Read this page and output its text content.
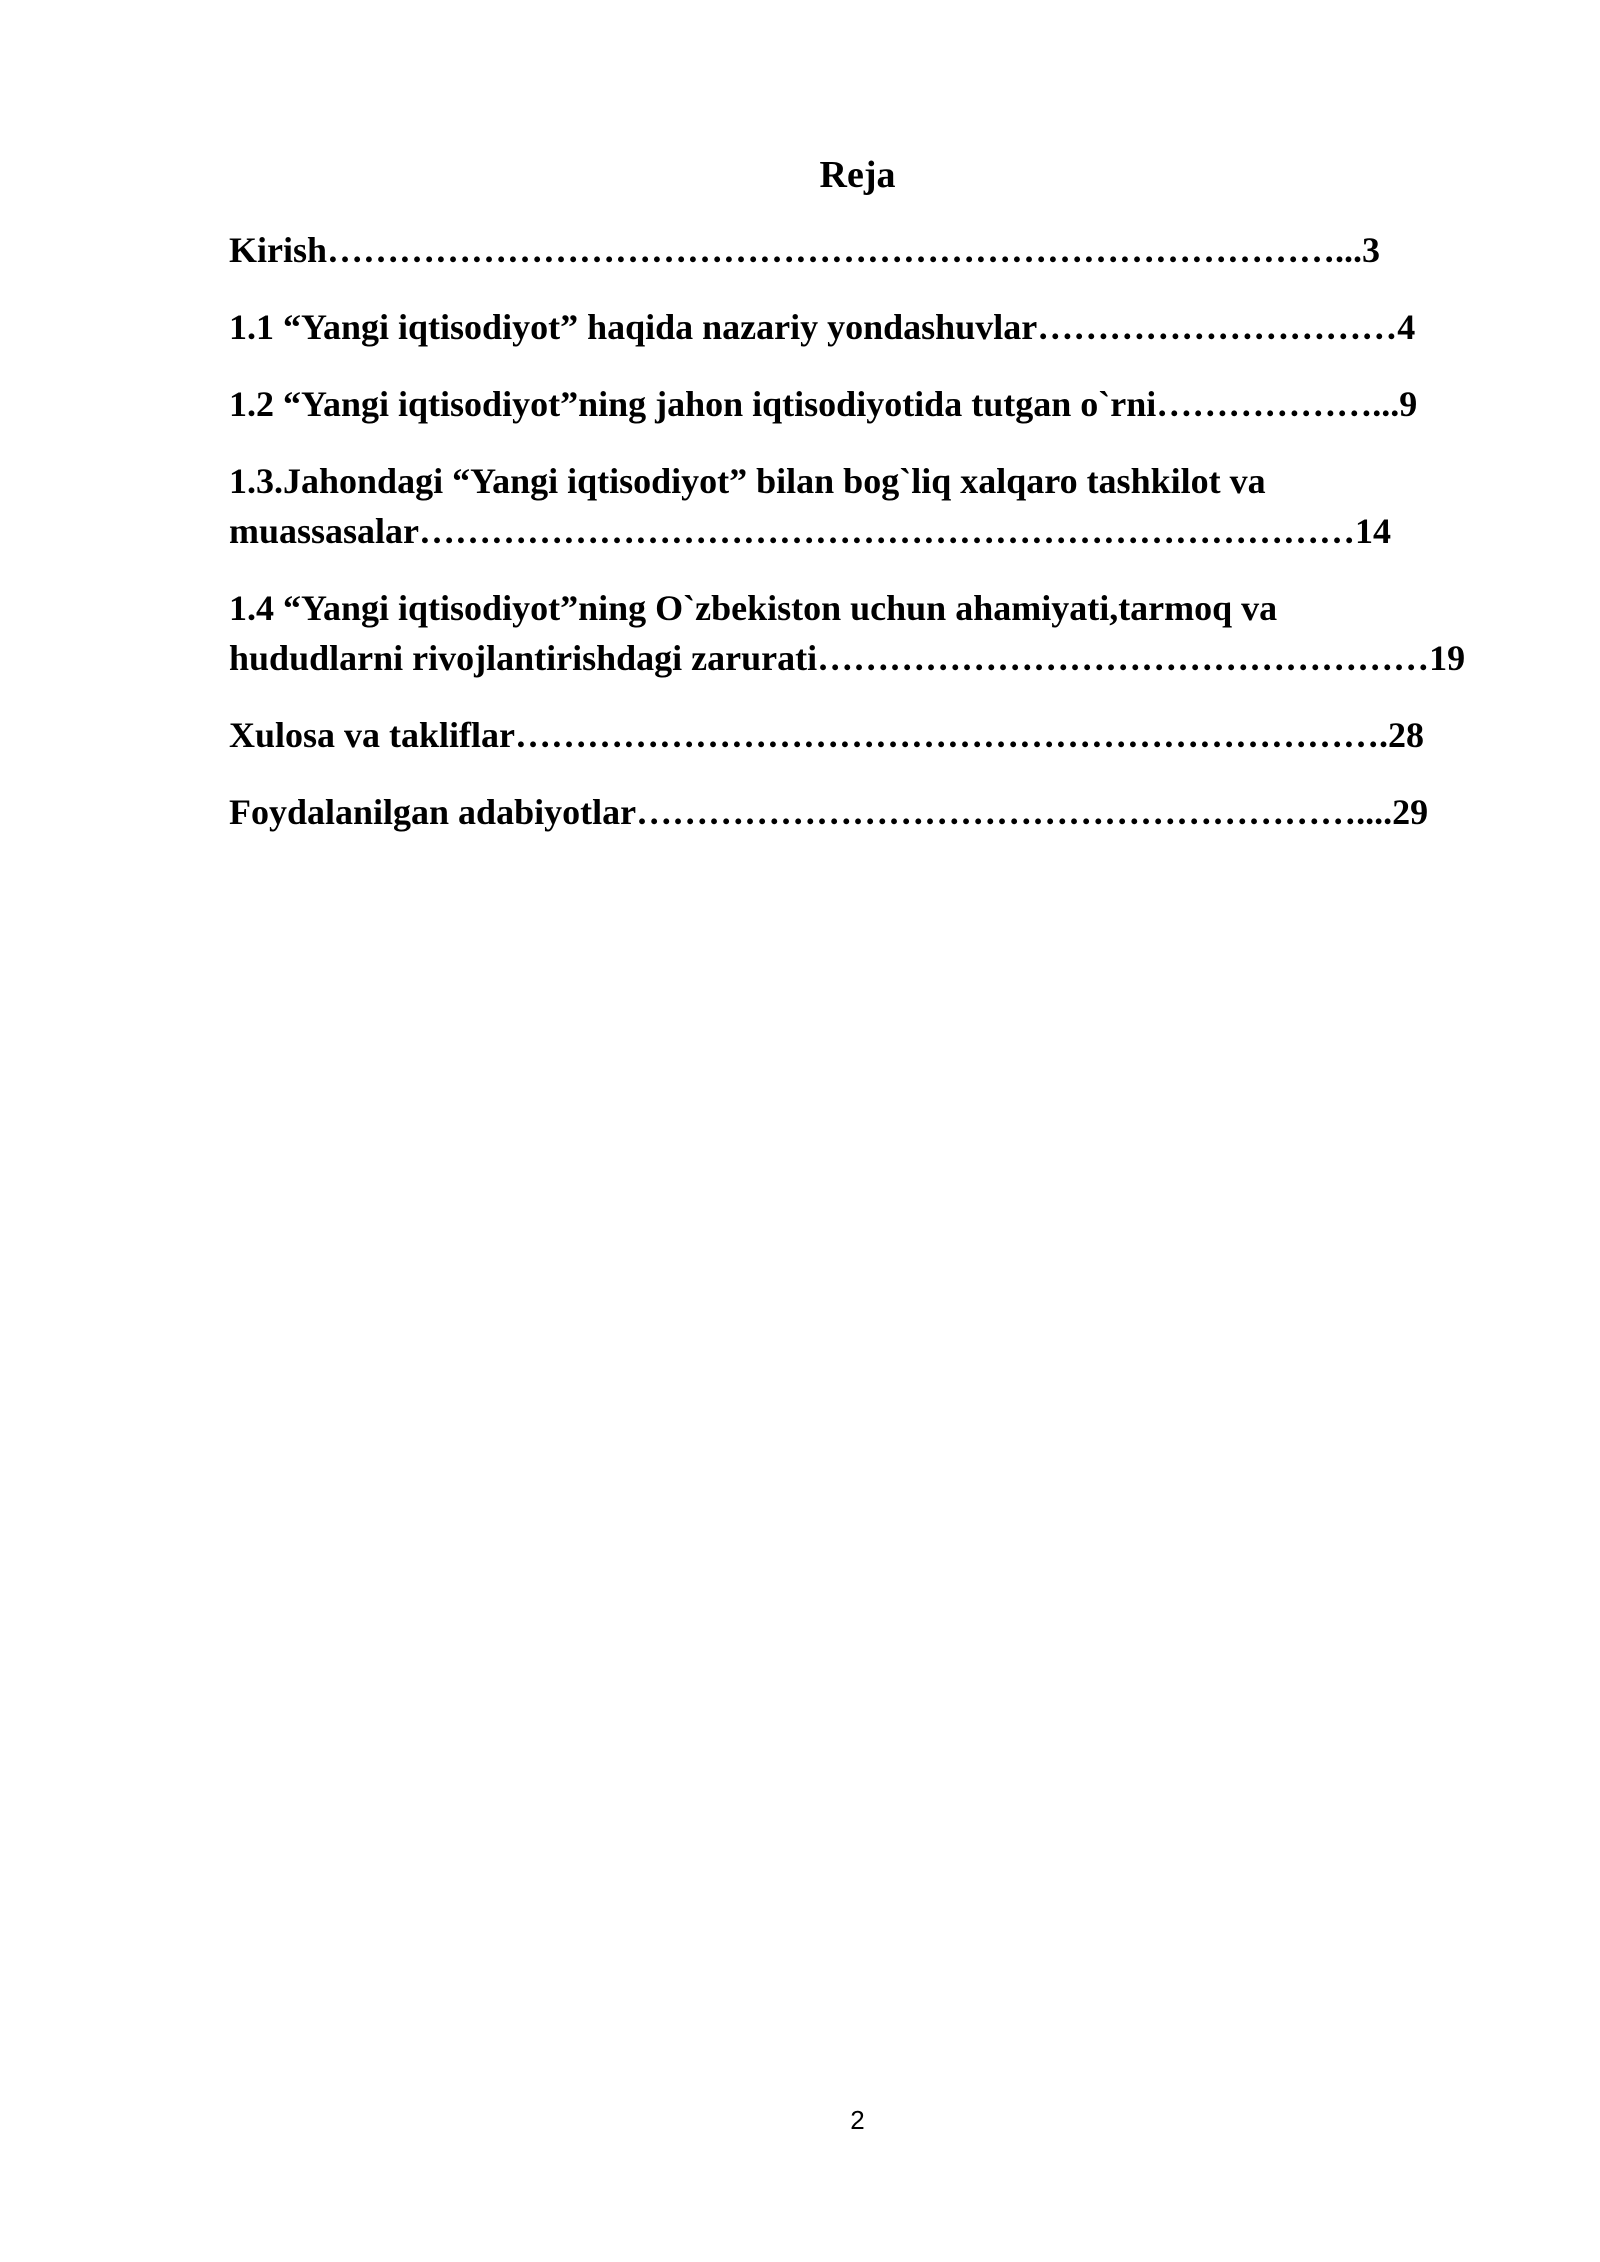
Reja
Kirish…………………………………………………………………………...3
1.1 “Yangi iqtisodiyot” haqida nazariy yondashuvlar…………………………4
1.2 “Yangi iqtisodiyot”ning jahon iqtisodiyotida tutgan o`rni………………...9
1.3.Jahondagi “Yangi iqtisodiyot” bilan bog`liq xalqaro tashkilot va
muassasalar……………………………………………………………………14
1.4 “Yangi iqtisodiyot”ning O`zbekiston uchun ahamiyati,tarmoq va
hududlarni rivojlantirishdagi zarurati……………………………………………19
Xulosa va takliflar……………………………………………………………….28
Foydalanilgan adabiyotlar……………………………………………………....29
2
